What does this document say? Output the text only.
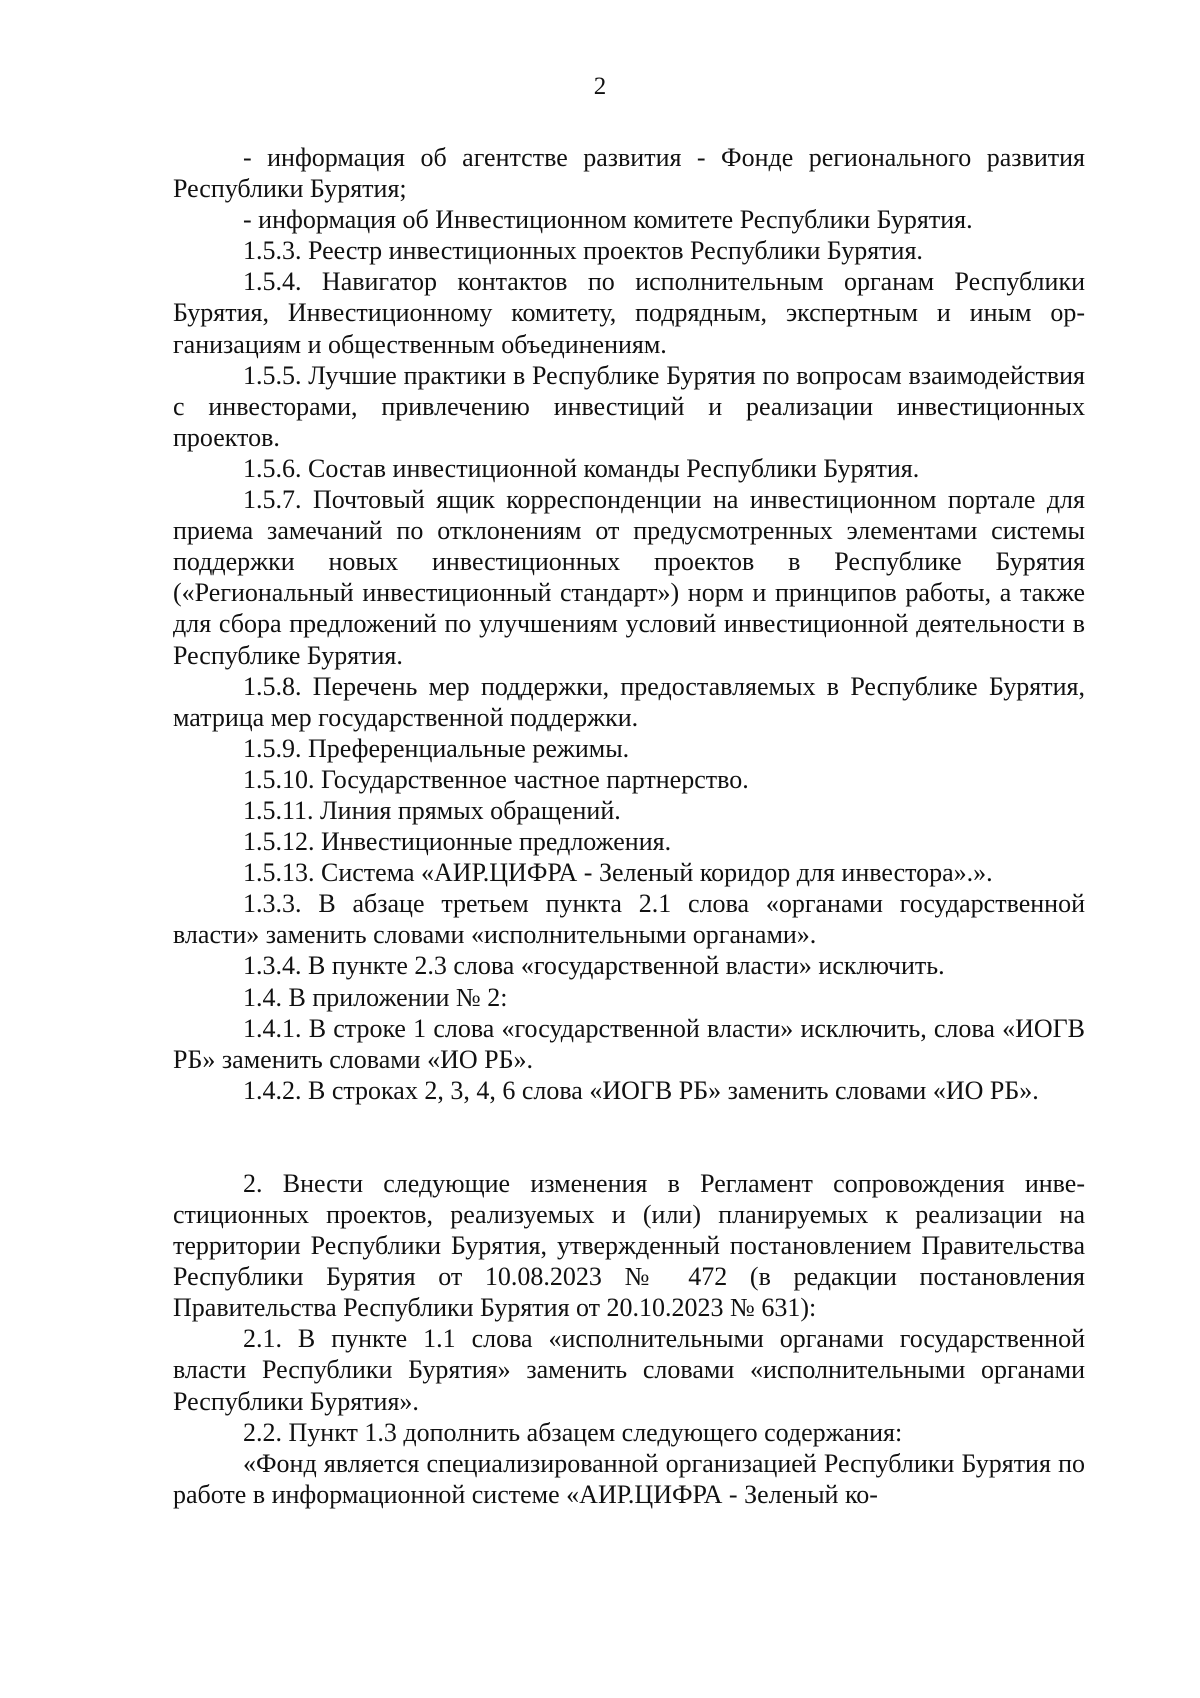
2

- информация об агентстве развития - Фонде регионального развития Республики Бурятия;

- информация об Инвестиционном комитете Республики Бурятия.

1.5.3. Реестр инвестиционных проектов Республики Бурятия.

1.5.4. Навигатор контактов по исполнительным органам Республики Бурятия, Инвестиционному комитету, подрядным, экспертным и иным организациям и общественным объединениям.

1.5.5. Лучшие практики в Республике Бурятия по вопросам взаимодействия с инвесторами, привлечению инвестиций и реализации инвестиционных проектов.

1.5.6. Состав инвестиционной команды Республики Бурятия.

1.5.7. Почтовый ящик корреспонденции на инвестиционном портале для приема замечаний по отклонениям от предусмотренных элементами системы поддержки новых инвестиционных проектов в Республике Бурятия («Региональный инвестиционный стандарт») норм и принципов работы, а также для сбора предложений по улучшениям условий инвестиционной деятельности в Республике Бурятия.

1.5.8. Перечень мер поддержки, предоставляемых в Республике Бурятия, матрица мер государственной поддержки.

1.5.9. Преференциальные режимы.

1.5.10. Государственное частное партнерство.

1.5.11. Линия прямых обращений.

1.5.12. Инвестиционные предложения.

1.5.13. Система «АИР.ЦИФРА - Зеленый коридор для инвестора».».

1.3.3. В абзаце третьем пункта 2.1 слова «органами государственной власти» заменить словами «исполнительными органами».

1.3.4. В пункте 2.3 слова «государственной власти» исключить.

1.4. В приложении № 2:

1.4.1. В строке 1 слова «государственной власти» исключить, слова «ИОГВ РБ» заменить словами «ИО РБ».

1.4.2. В строках 2, 3, 4, 6 слова «ИОГВ РБ» заменить словами «ИО РБ».

2. Внести следующие изменения в Регламент сопровождения инвестиционных проектов, реализуемых и (или) планируемых к реализации на территории Республики Бурятия, утвержденный постановлением Правительства Республики Бурятия от 10.08.2023 № 472 (в редакции постановления Правительства Республики Бурятия от 20.10.2023 № 631):

2.1. В пункте 1.1 слова «исполнительными органами государственной власти Республики Бурятия» заменить словами «исполнительными органами Республики Бурятия».

2.2. Пункт 1.3 дополнить абзацем следующего содержания:

«Фонд является специализированной организацией Республики Бурятия по работе в информационной системе «АИР.ЦИФРА - Зеленый ко-
